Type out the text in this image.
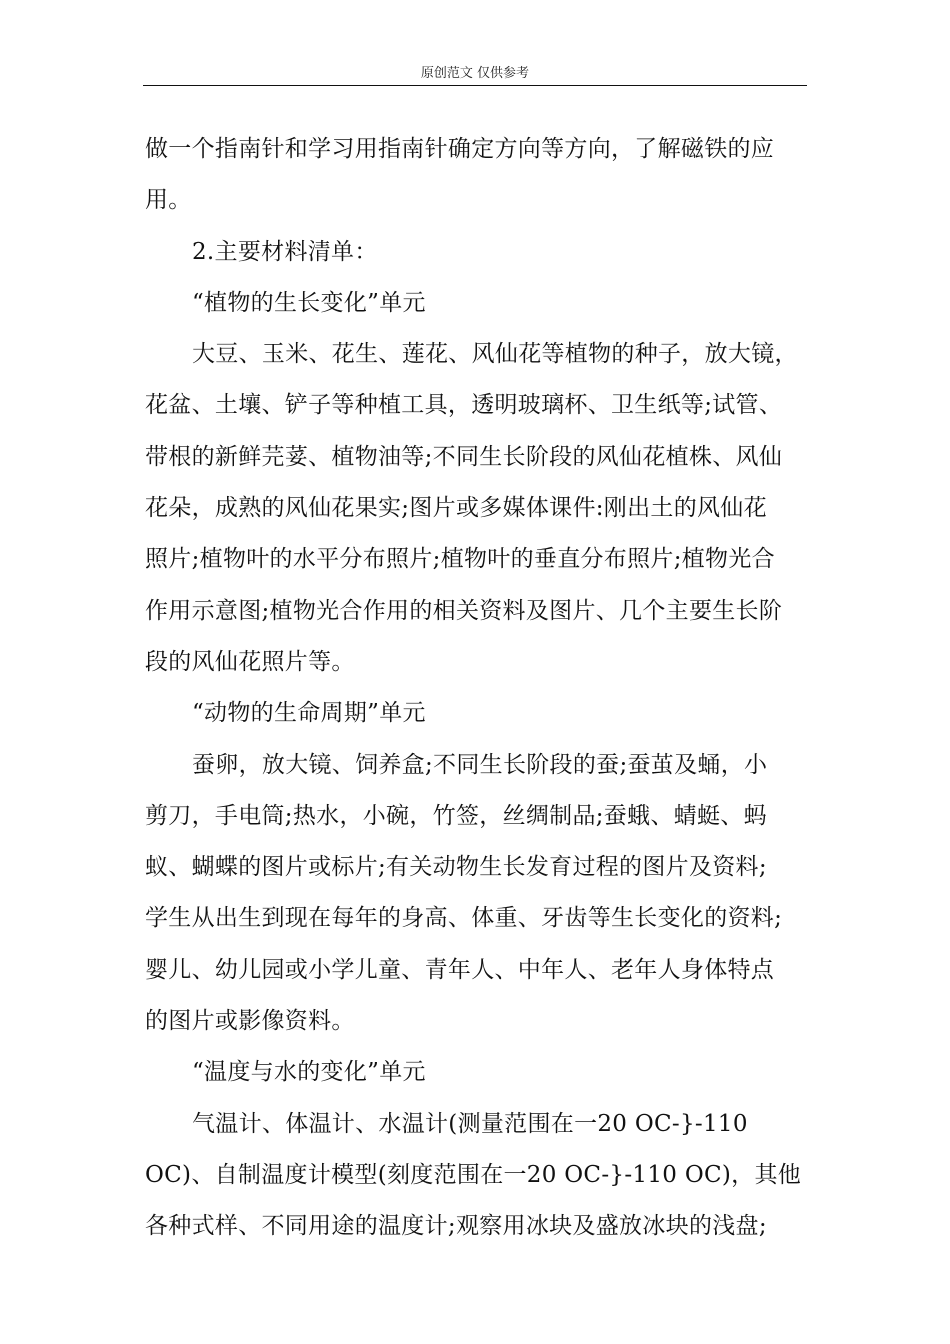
原创范文 仅供参考

做一个指南针和学习用指南针确定方向等方向，了解磁铁的应

用。

2.主要材料清单：

“植物的生长变化”单元

大豆、玉米、花生、莲花、风仙花等植物的种子，放大镜，

花盆、土壤、铲子等种植工具，透明玻璃杯、卫生纸等;试管、

带根的新鲜芫荽、植物油等;不同生长阶段的风仙花植株、风仙

花朵，成熟的风仙花果实;图片或多媒体课件:刚出土的风仙花

照片;植物叶的水平分布照片;植物叶的垂直分布照片;植物光合

作用示意图;植物光合作用的相关资料及图片、几个主要生长阶

段的风仙花照片等。

“动物的生命周期”单元

蚕卵，放大镜、饲养盒;不同生长阶段的蚕;蚕茧及蛹，小

剪刀，手电筒;热水，小碗，竹签，丝绸制品;蚕蛾、蜻蜓、蚂

蚁、蝴蝶的图片或标片;有关动物生长发育过程的图片及资料;

学生从出生到现在每年的身高、体重、牙齿等生长变化的资料;

婴儿、幼儿园或小学儿童、青年人、中年人、老年人身体特点

的图片或影像资料。

“温度与水的变化”单元

气温计、体温计、水温计(测量范围在一20 OC-}-110

OC)、自制温度计模型(刻度范围在一20 OC-}-110 OC)，其他

各种式样、不同用途的温度计;观察用冰块及盛放冰块的浅盘;
